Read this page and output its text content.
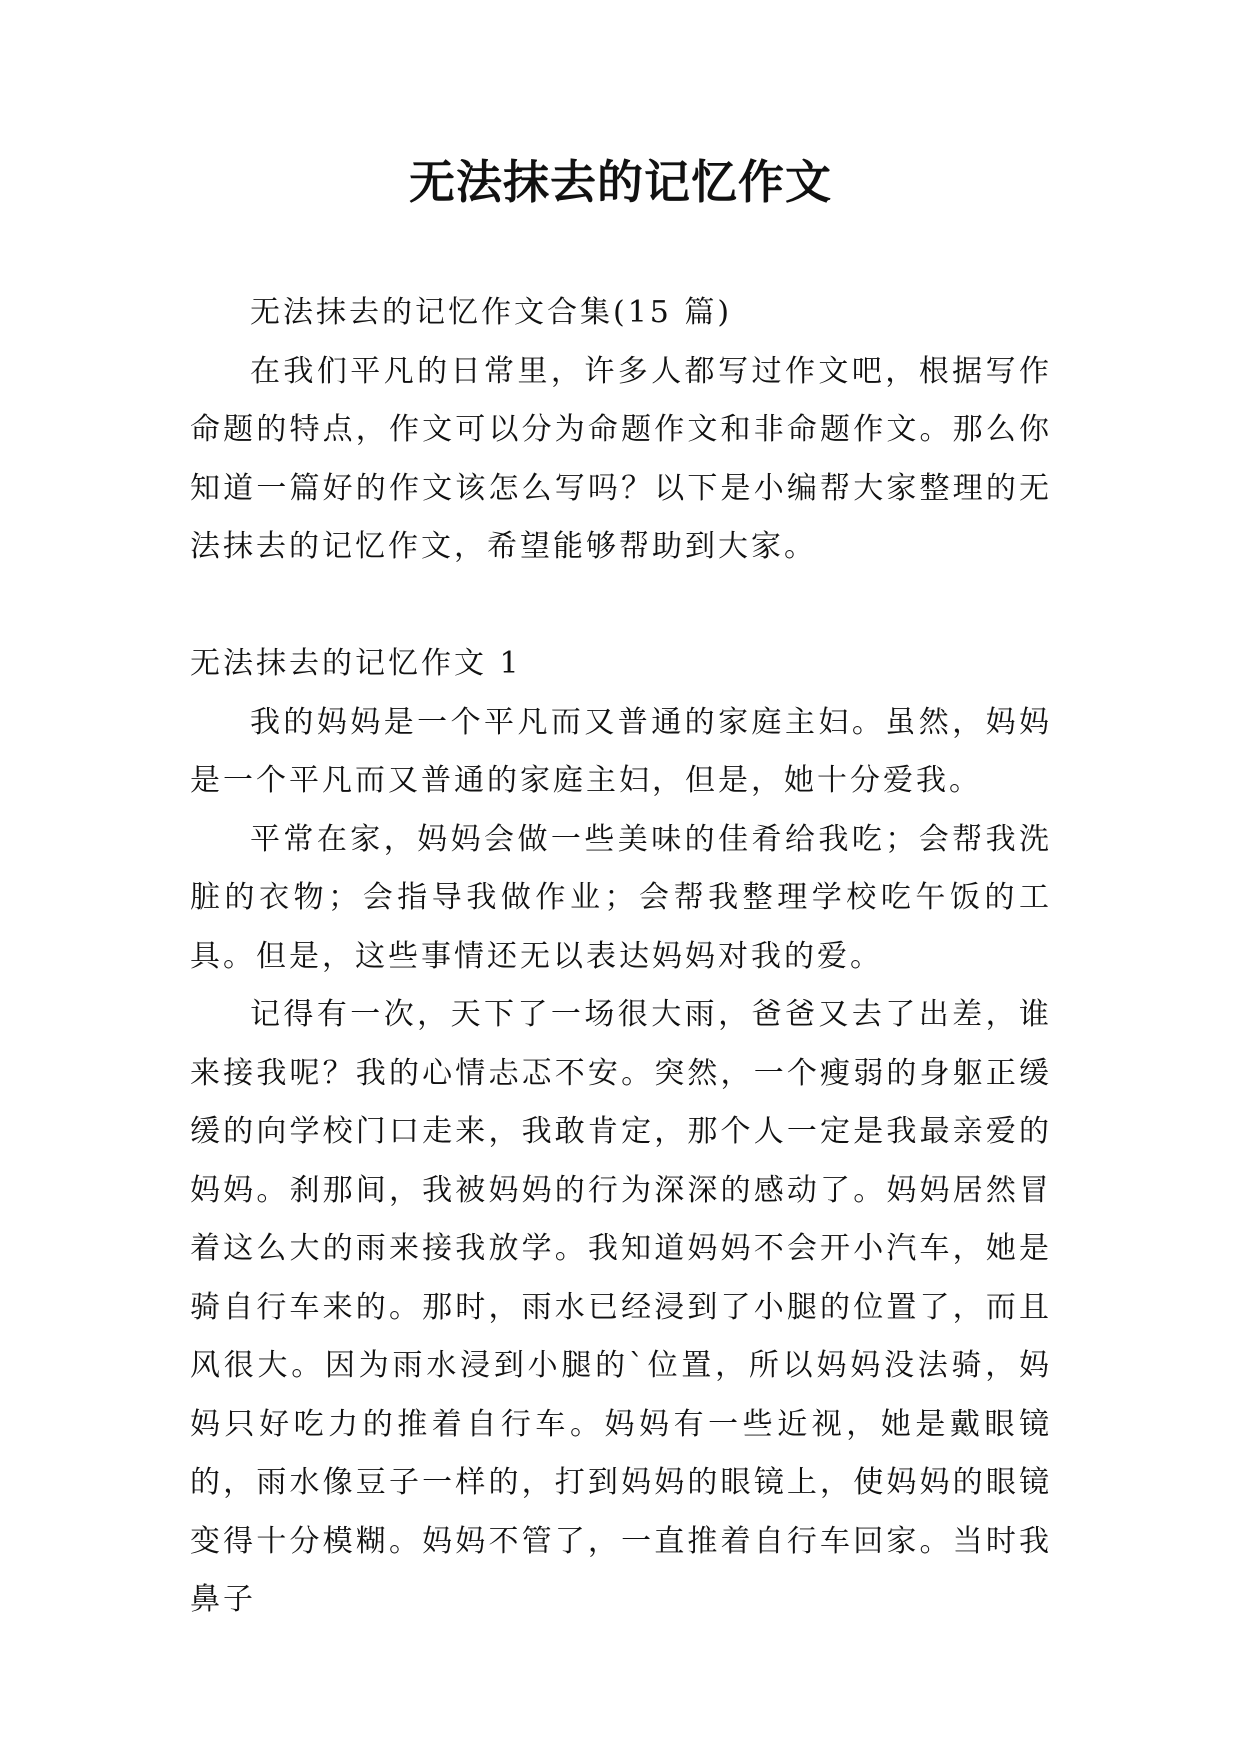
无法抹去的记忆作文

无法抹去的记忆作文合集(15 篇)

在我们平凡的日常里，许多人都写过作文吧，根据写作命题的特点，作文可以分为命题作文和非命题作文。那么你知道一篇好的作文该怎么写吗？以下是小编帮大家整理的无法抹去的记忆作文，希望能够帮助到大家。

无法抹去的记忆作文 1

我的妈妈是一个平凡而又普通的家庭主妇。虽然，妈妈是一个平凡而又普通的家庭主妇，但是，她十分爱我。

平常在家，妈妈会做一些美味的佳肴给我吃；会帮我洗脏的衣物；会指导我做作业；会帮我整理学校吃午饭的工具。但是，这些事情还无以表达妈妈对我的爱。

记得有一次，天下了一场很大雨，爸爸又去了出差，谁来接我呢？我的心情忐忑不安。突然，一个瘦弱的身躯正缓缓的向学校门口走来，我敢肯定，那个人一定是我最亲爱的妈妈。刹那间，我被妈妈的行为深深的感动了。妈妈居然冒着这么大的雨来接我放学。我知道妈妈不会开小汽车，她是骑自行车来的。那时，雨水已经浸到了小腿的位置了，而且风很大。因为雨水浸到小腿的`位置，所以妈妈没法骑，妈妈只好吃力的推着自行车。妈妈有一些近视，她是戴眼镜的，雨水像豆子一样的，打到妈妈的眼镜上，使妈妈的眼镜变得十分模糊。妈妈不管了，一直推着自行车回家。当时我鼻子
